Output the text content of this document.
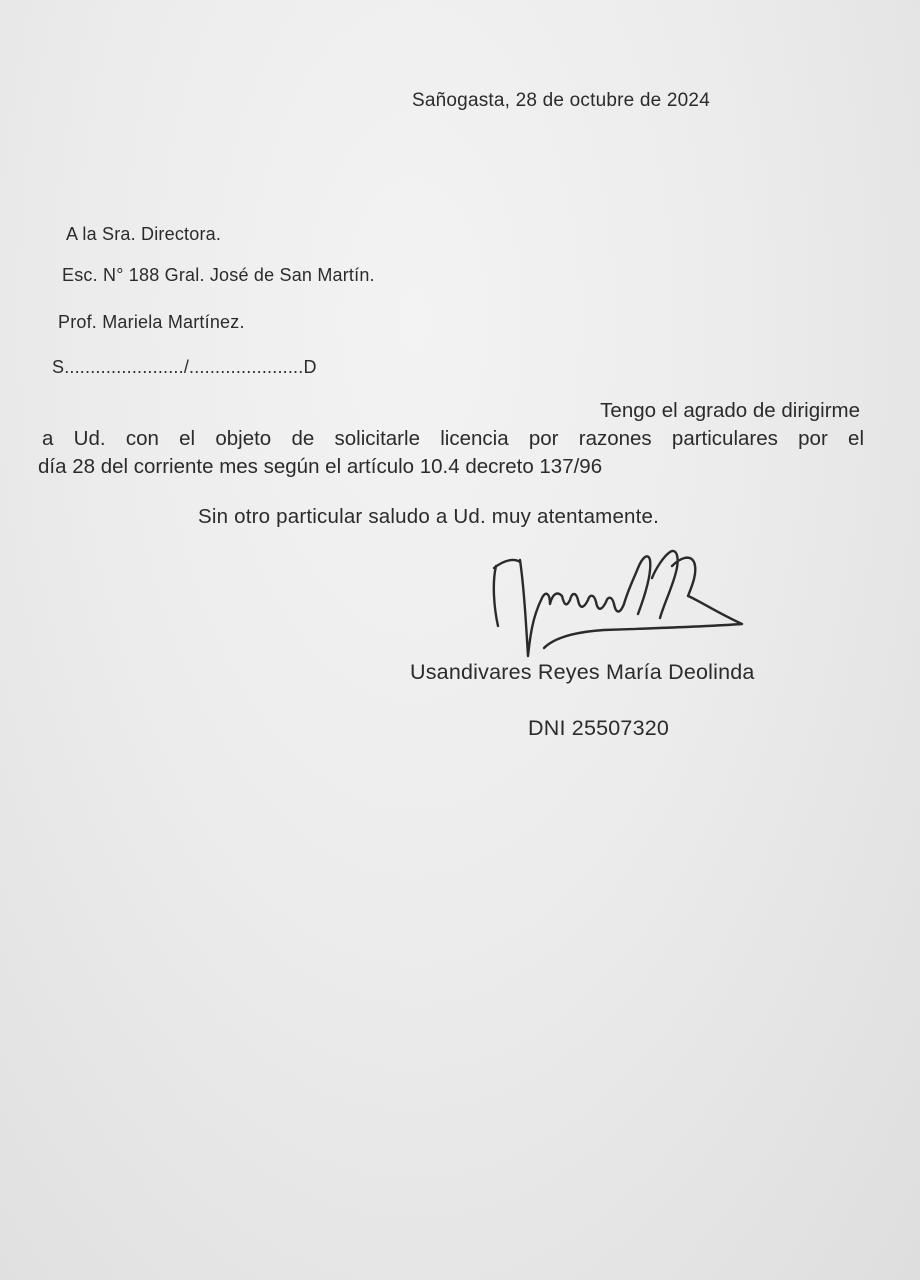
Sañogasta, 28 de octubre de 2024
A la Sra. Directora.
Esc. N° 188 Gral. José de San Martín.
Prof. Mariela Martínez.
S......................./......................D
Tengo el agrado de dirigirme
a Ud. con el objeto de solicitarle licencia por razones particulares por el
día 28 del corriente mes según el artículo 10.4 decreto 137/96
Sin otro particular saludo a Ud. muy atentamente.
Usandivares Reyes María Deolinda
DNI 25507320
